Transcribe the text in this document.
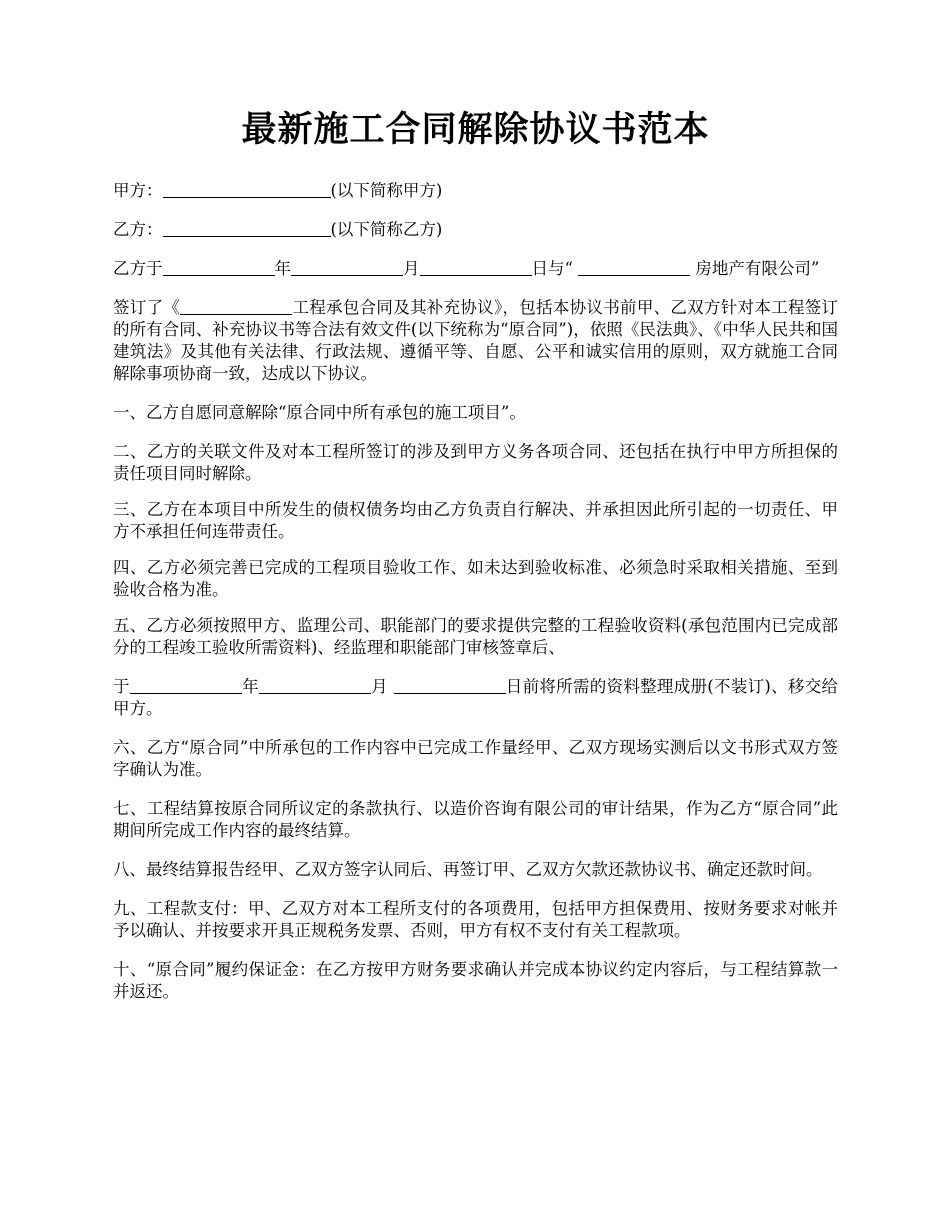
最新施工合同解除协议书范本

甲方：	(以下简称甲方)

乙方：	(以下简称乙方)

乙方于	年	月	日与“	房地产有限公司”

签订了《	工程承包合同及其补充协议》，包括本协议书前甲、乙双方针对本工程签订的所有合同、补充协议书等合法有效文件(以下统称为“原合同”)，依照《民法典》、《中华人民共和国建筑法》及其他有关法律、行政法规、遵循平等、自愿、公平和诚实信用的原则，双方就施工合同解除事项协商一致，达成以下协议。

一、乙方自愿同意解除“原合同中所有承包的施工项目”。

二、乙方的关联文件及对本工程所签订的涉及到甲方义务各项合同、还包括在执行中甲方所担保的责任项目同时解除。

三、乙方在本项目中所发生的债权债务均由乙方负责自行解决、并承担因此所引起的一切责任、甲方不承担任何连带责任。

四、乙方必须完善已完成的工程项目验收工作、如未达到验收标准、必须急时采取相关措施、至到验收合格为准。

五、乙方必须按照甲方、监理公司、职能部门的要求提供完整的工程验收资料(承包范围内已完成部分的工程竣工验收所需资料)、经监理和职能部门审核签章后、

于	年	月	日前将所需的资料整理成册(不装订)、移交给甲方。

六、乙方“原合同”中所承包的工作内容中已完成工作量经甲、乙双方现场实测后以文书形式双方签字确认为准。

七、工程结算按原合同所议定的条款执行、以造价咨询有限公司的审计结果，作为乙方“原合同”此期间所完成工作内容的最终结算。

八、最终结算报告经甲、乙双方签字认同后、再签订甲、乙双方欠款还款协议书、确定还款时间。

九、工程款支付：甲、乙双方对本工程所支付的各项费用，包括甲方担保费用、按财务要求对帐并予以确认、并按要求开具正规税务发票、否则，甲方有权不支付有关工程款项。

十、“原合同”履约保证金：在乙方按甲方财务要求确认并完成本协议约定内容后，与工程结算款一并返还。
